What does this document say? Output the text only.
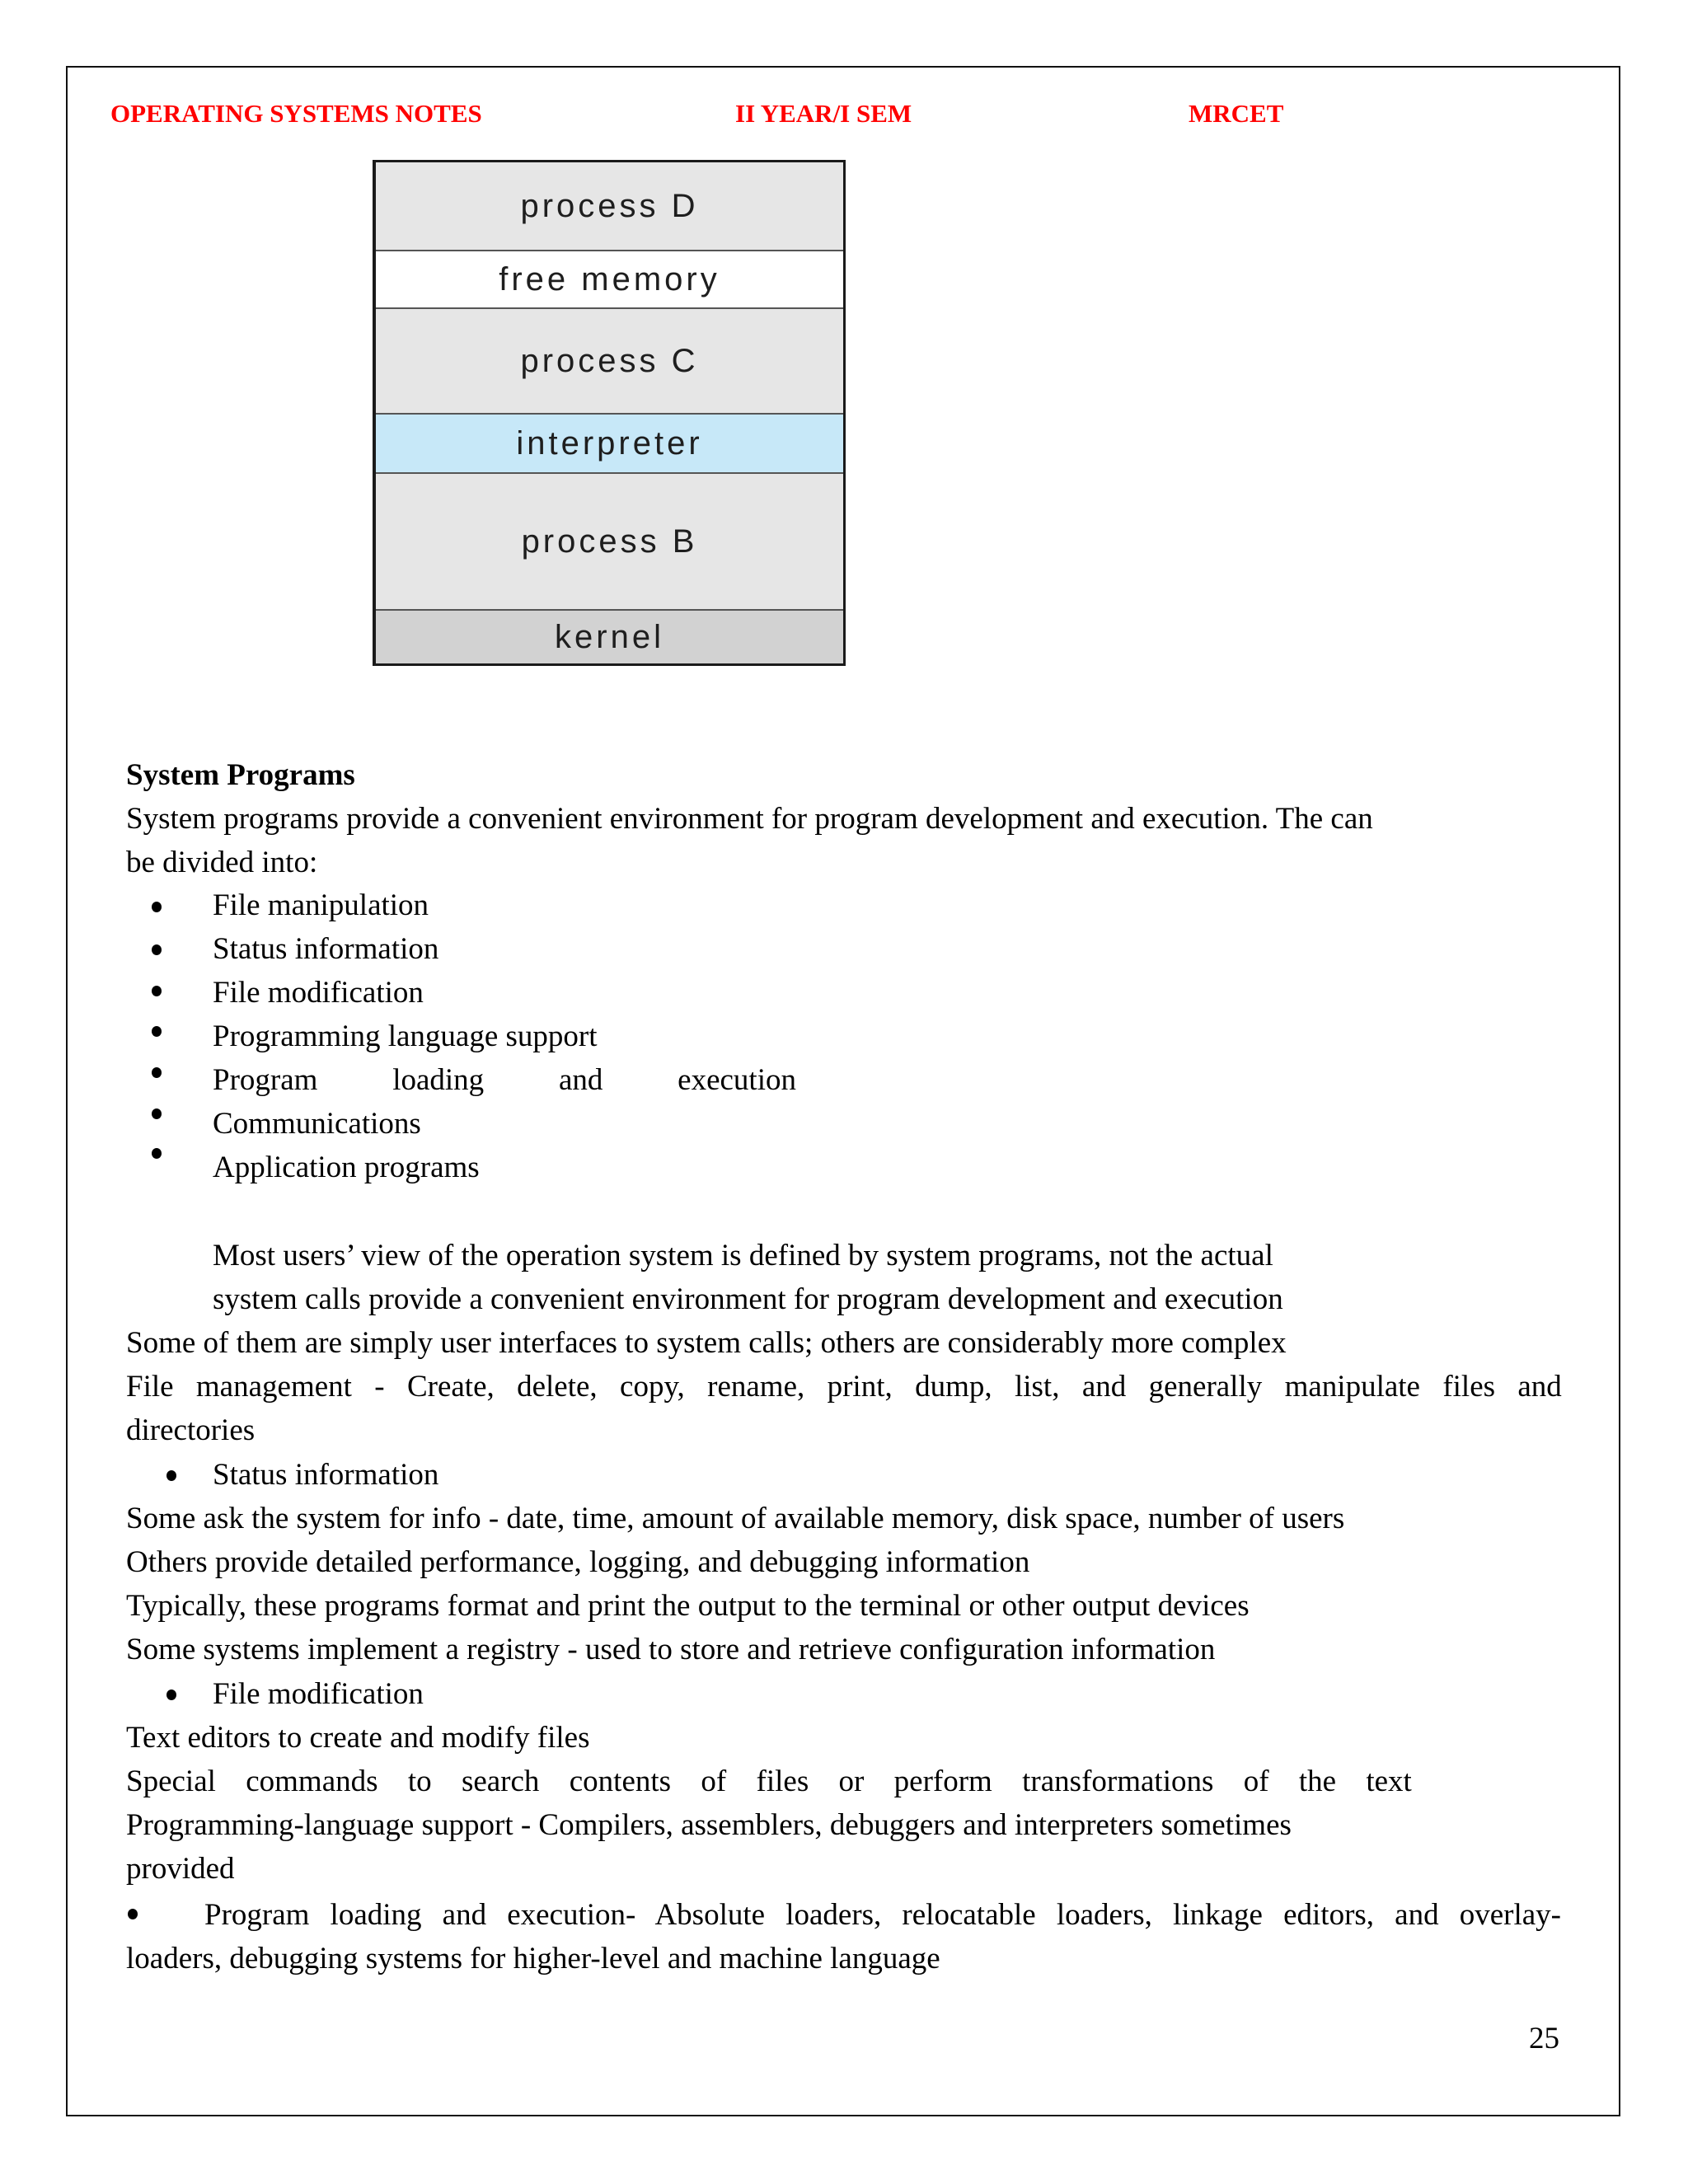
OPERATING SYSTEMS NOTES	II YEAR/I SEM	MRCET
process D
free memory
process C
interpreter
process B
kernel
System Programs
System programs provide a convenient environment for program development and execution. The can
be divided into:
File manipulation
Status information
File modification
Programming language support
Program loading and execution
Communications
Application programs
Most users’ view of the operation system is defined by system programs, not the actual
system calls provide a convenient environment for program development and execution
Some of them are simply user interfaces to system calls; others are considerably more complex
File management - Create, delete, copy, rename, print, dump, list, and generally manipulate files and
directories
Status information
Some ask the system for info - date, time, amount of available memory, disk space, number of users
Others provide detailed performance, logging, and debugging information
Typically, these programs format and print the output to the terminal or other output devices
Some systems implement a registry - used to store and retrieve configuration information
File modification
Text editors to create and modify files
Special commands to search contents of files or perform transformations of the text
Programming-language support - Compilers, assemblers, debuggers and interpreters sometimes
provided
Program loading and execution- Absolute loaders, relocatable loaders, linkage editors, and overlay-
loaders, debugging systems for higher-level and machine language
25
